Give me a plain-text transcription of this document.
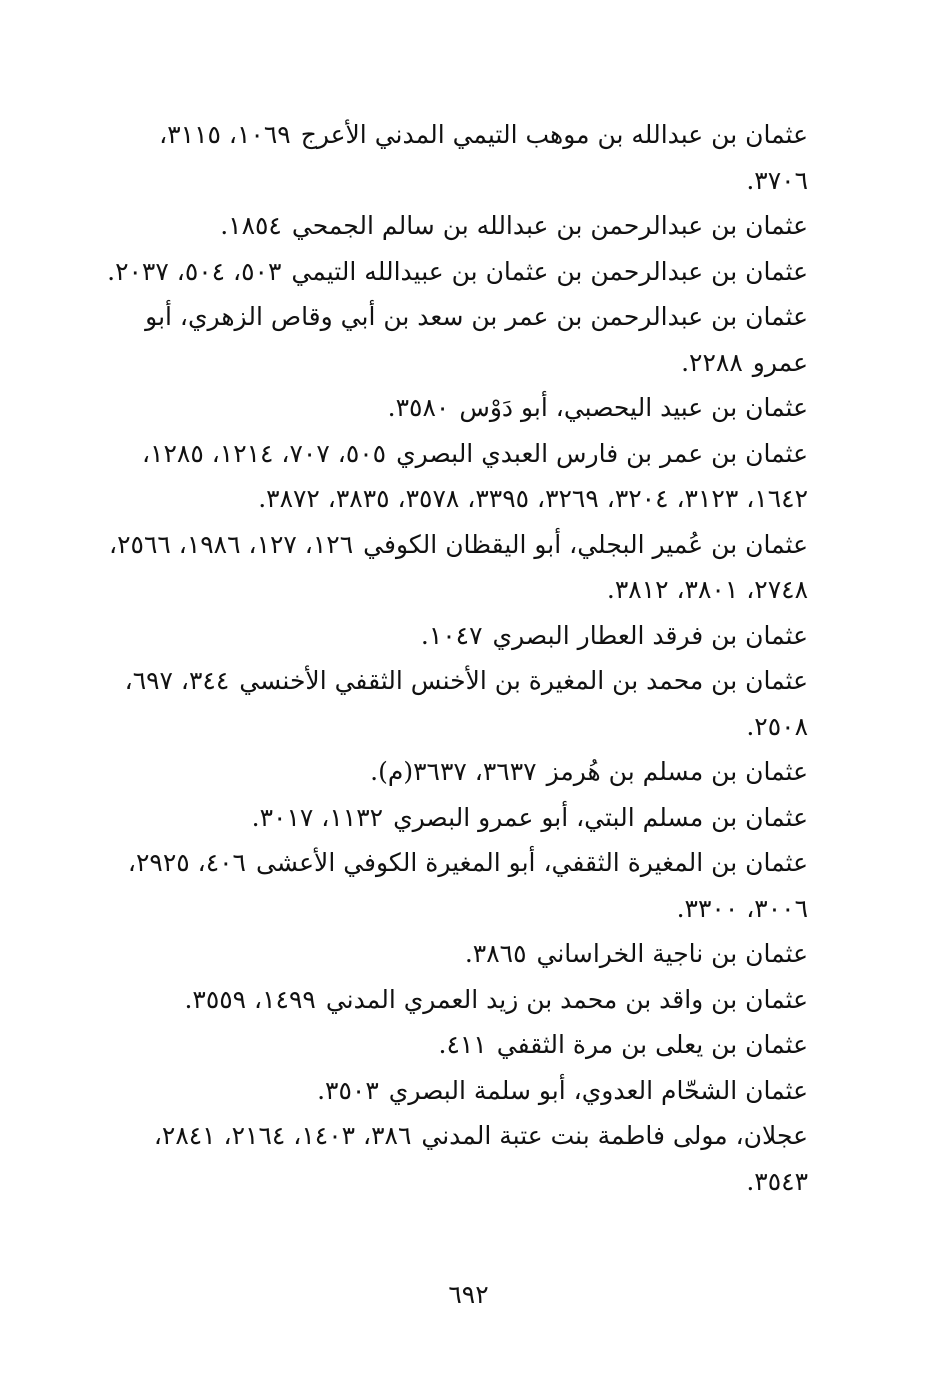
عثمان بن عبدالله بن موهب التيمي المدني الأعرج١٠٦٩، ٣١١٥، ٣٧٠٦.
عثمان بن عبدالرحمن بن عبدالله بن سالم الجمحي١٨٥٤.
عثمان بن عبدالرحمن بن عثمان بن عبيدالله التيمي٥٠٣، ٥٠٤، ٢٠٣٧.
عثمان بن عبدالرحمن بن عمر بن سعد بن أبي وقاص الزهري، أبو عمرو٢٢٨٨.
عثمان بن عبيد اليحصبي، أبو دَوْس٣٥٨٠.
عثمان بن عمر بن فارس العبدي البصري٥٠٥، ٧٠٧، ١٢١٤، ١٢٨٥، ١٦٤٢، ٣١٢٣، ٣٢٠٤، ٣٢٦٩، ٣٣٩٥، ٣٥٧٨، ٣٨٣٥، ٣٨٧٢.
عثمان بن عُمير البجلي، أبو اليقظان الكوفي١٢٦، ١٢٧، ١٩٨٦، ٢٥٦٦، ٢٧٤٨، ٣٨٠١، ٣٨١٢.
عثمان بن فرقد العطار البصري١٠٤٧.
عثمان بن محمد بن المغيرة بن الأخنس الثقفي الأخنسي٣٤٤، ٦٩٧، ٢٥٠٨.
عثمان بن مسلم بن هُرمز٣٦٣٧، ٣٦٣٧(م).
عثمان بن مسلم البتي، أبو عمرو البصري١١٣٢، ٣٠١٧.
عثمان بن المغيرة الثقفي، أبو المغيرة الكوفي الأعشى٤٠٦، ٢٩٢٥، ٣٠٠٦، ٣٣٠٠.
عثمان بن ناجية الخراساني٣٨٦٥.
عثمان بن واقد بن محمد بن زيد العمري المدني١٤٩٩، ٣٥٥٩.
عثمان بن يعلى بن مرة الثقفي٤١١.
عثمان الشحّام العدوي، أبو سلمة البصري٣٥٠٣.
عجلان، مولى فاطمة بنت عتبة المدني٣٨٦، ١٤٠٣، ٢١٦٤، ٢٨٤١، ٣٥٤٣.
٦٩٢
